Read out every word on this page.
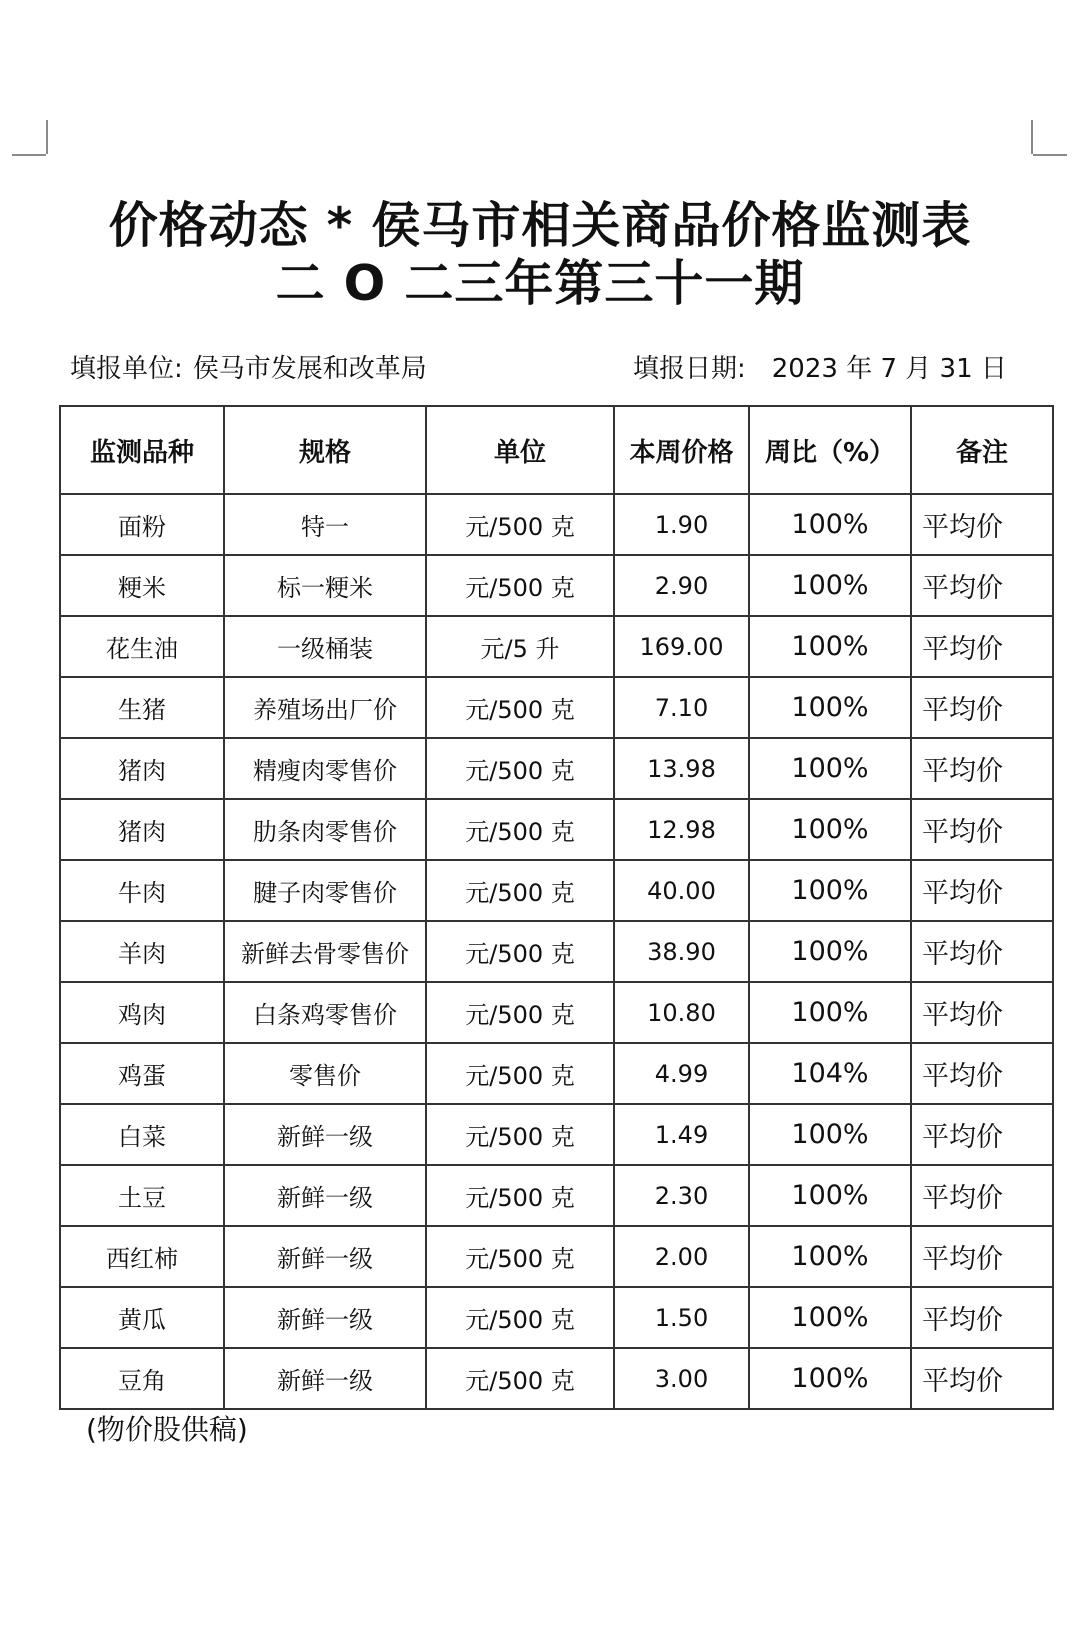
价格动态 * 侯马市相关商品价格监测表
二 O 二三年第三十一期
填报单位: 侯马市发展和改革局	填报日期: 2023 年 7 月 31 日
监测品种	规格	单位	本周价格	周比（%）	备注
面粉	特一	元/500 克	1.90	100%	平均价
粳米	标一粳米	元/500 克	2.90	100%	平均价
花生油	一级桶装	元/5 升	169.00	100%	平均价
生猪	养殖场出厂价	元/500 克	7.10	100%	平均价
猪肉	精瘦肉零售价	元/500 克	13.98	100%	平均价
猪肉	肋条肉零售价	元/500 克	12.98	100%	平均价
牛肉	腱子肉零售价	元/500 克	40.00	100%	平均价
羊肉	新鲜去骨零售价	元/500 克	38.90	100%	平均价
鸡肉	白条鸡零售价	元/500 克	10.80	100%	平均价
鸡蛋	零售价	元/500 克	4.99	104%	平均价
白菜	新鲜一级	元/500 克	1.49	100%	平均价
土豆	新鲜一级	元/500 克	2.30	100%	平均价
西红柿	新鲜一级	元/500 克	2.00	100%	平均价
黄瓜	新鲜一级	元/500 克	1.50	100%	平均价
豆角	新鲜一级	元/500 克	3.00	100%	平均价
(物价股供稿)
